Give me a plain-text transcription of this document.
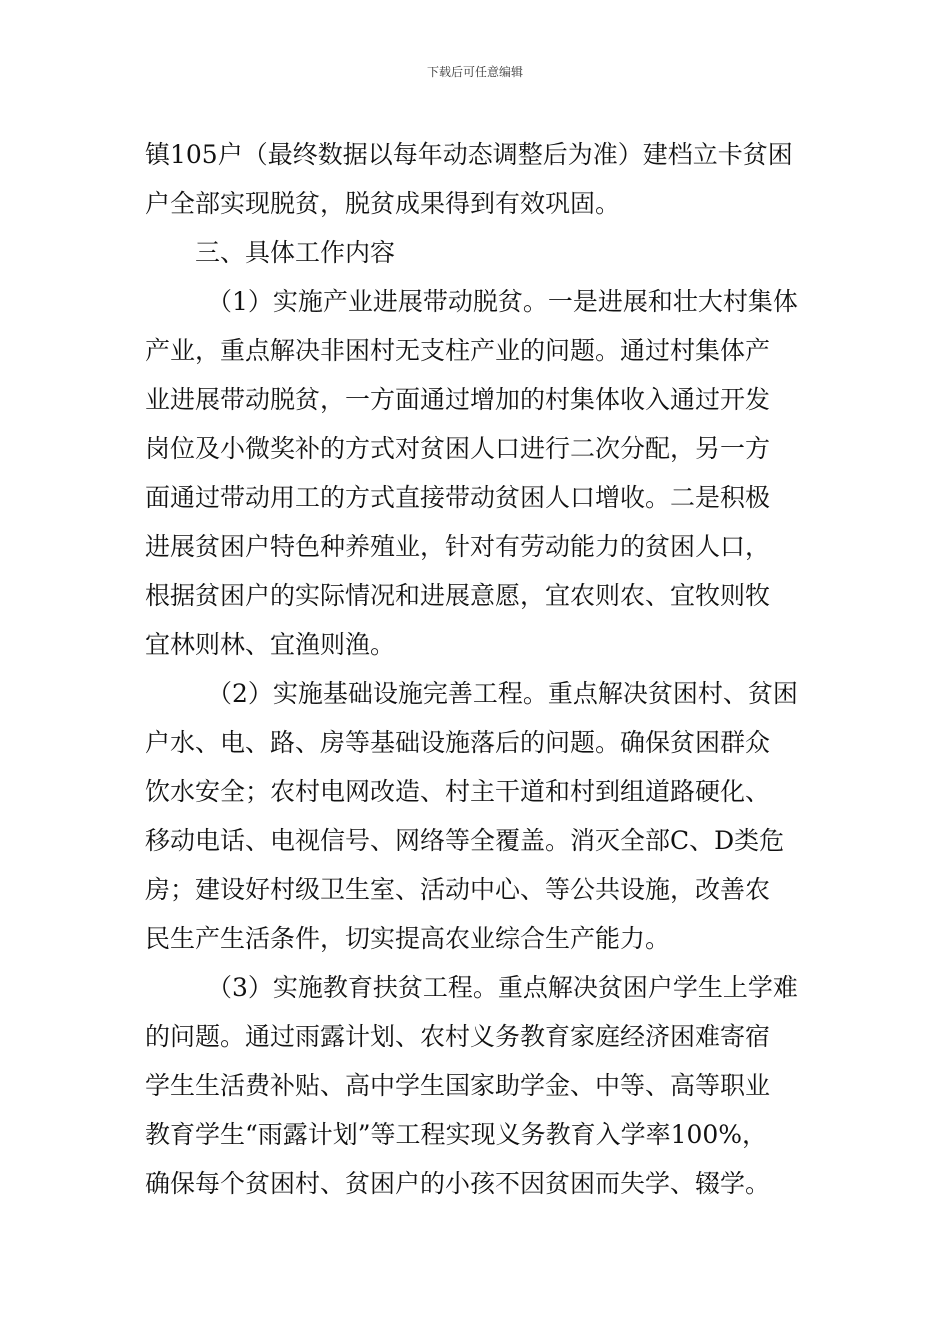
下载后可任意编辑
镇105户（最终数据以每年动态调整后为准）建档立卡贫困
户全部实现脱贫，脱贫成果得到有效巩固。
三、具体工作内容
（1）实施产业进展带动脱贫。一是进展和壮大村集体
产业，重点解决非困村无支柱产业的问题。通过村集体产
业进展带动脱贫，一方面通过增加的村集体收入通过开发
岗位及小微奖补的方式对贫困人口进行二次分配，另一方
面通过带动用工的方式直接带动贫困人口增收。二是积极
进展贫困户特色种养殖业，针对有劳动能力的贫困人口，
根据贫困户的实际情况和进展意愿，宜农则农、宜牧则牧
宜林则林、宜渔则渔。
（2）实施基础设施完善工程。重点解决贫困村、贫困
户水、电、路、房等基础设施落后的问题。确保贫困群众
饮水安全；农村电网改造、村主干道和村到组道路硬化、
移动电话、电视信号、网络等全覆盖。消灭全部C、D类危
房；建设好村级卫生室、活动中心、等公共设施，改善农
民生产生活条件，切实提高农业综合生产能力。
（3）实施教育扶贫工程。重点解决贫困户学生上学难
的问题。通过雨露计划、农村义务教育家庭经济困难寄宿
学生生活费补贴、高中学生国家助学金、中等、高等职业
教育学生“雨露计划”等工程实现义务教育入学率100%，
确保每个贫困村、贫困户的小孩不因贫困而失学、辍学。
